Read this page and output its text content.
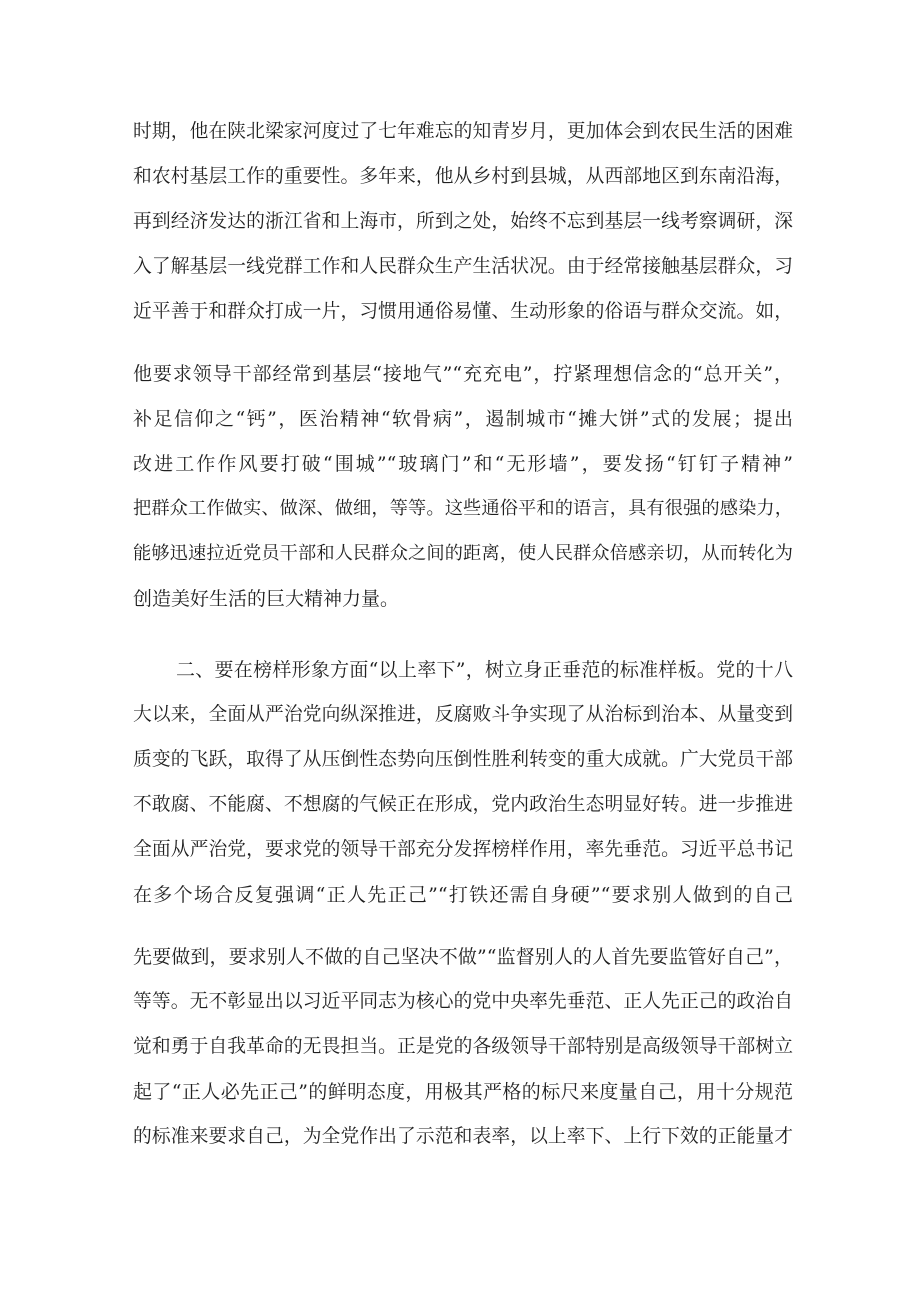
时期，他在陕北梁家河度过了七年难忘的知青岁月，更加体会到农民生活的困难
和农村基层工作的重要性。多年来，他从乡村到县城，从西部地区到东南沿海，
再到经济发达的浙江省和上海市，所到之处，始终不忘到基层一线考察调研，深
入了解基层一线党群工作和人民群众生产生活状况。由于经常接触基层群众，习
近平善于和群众打成一片，习惯用通俗易懂、生动形象的俗语与群众交流。如，
他要求领导干部经常到基层“接地气”“充充电”，拧紧理想信念的“总开关”，
补足信仰之“钙”，医治精神“软骨病”，遏制城市“摊大饼”式的发展；提出
改进工作作风要打破“围城”“玻璃门”和“无形墙”，要发扬“钉钉子精神”
把群众工作做实、做深、做细，等等。这些通俗平和的语言，具有很强的感染力，
能够迅速拉近党员干部和人民群众之间的距离，使人民群众倍感亲切，从而转化为
创造美好生活的巨大精神力量。
二、要在榜样形象方面“以上率下”，树立身正垂范的标准样板。党的十八
大以来，全面从严治党向纵深推进，反腐败斗争实现了从治标到治本、从量变到
质变的飞跃，取得了从压倒性态势向压倒性胜利转变的重大成就。广大党员干部
不敢腐、不能腐、不想腐的气候正在形成，党内政治生态明显好转。进一步推进
全面从严治党，要求党的领导干部充分发挥榜样作用，率先垂范。习近平总书记
在多个场合反复强调“正人先正己”“打铁还需自身硬”“要求别人做到的自己
先要做到，要求别人不做的自己坚决不做”“监督别人的人首先要监管好自己”，
等等。无不彰显出以习近平同志为核心的党中央率先垂范、正人先正己的政治自
觉和勇于自我革命的无畏担当。正是党的各级领导干部特别是高级领导干部树立
起了“正人必先正己”的鲜明态度，用极其严格的标尺来度量自己，用十分规范
的标准来要求自己，为全党作出了示范和表率，以上率下、上行下效的正能量才
